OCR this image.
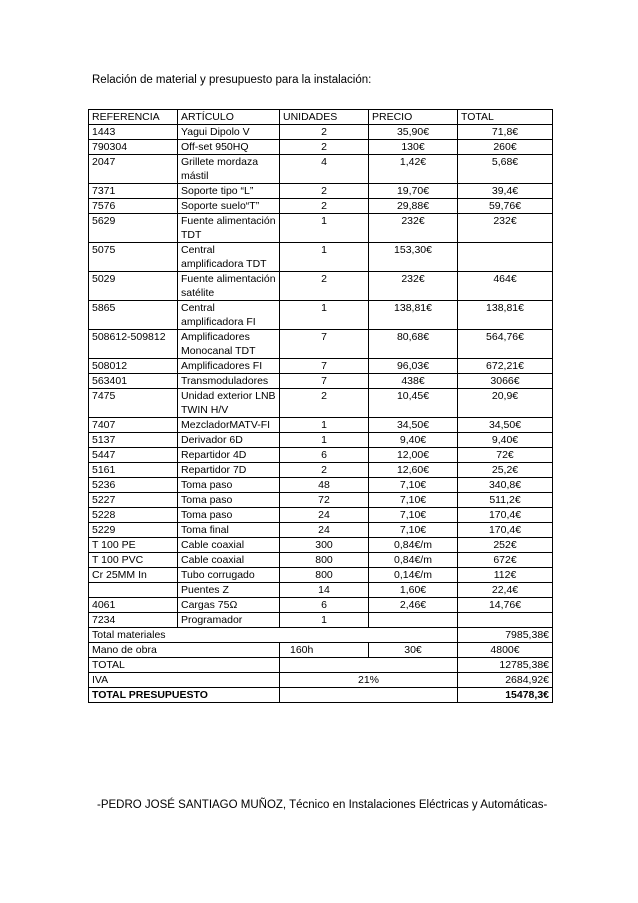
Relación de material y presupuesto para la instalación:
REFERENCIA	ARTÍCULO	UNIDADES	PRECIO	TOTAL
1443	Yagui Dipolo V	2	35,90€	71,8€
790304	Off-set 950HQ	2	130€	260€
2047	Grillete mordaza mástil	4	1,42€	5,68€
7371	Soporte tipo “L”	2	19,70€	39,4€
7576	Soporte suelo“T”	2	29,88€	59,76€
5629	Fuente alimentación TDT	1	232€	232€
5075	Central amplificadora TDT	1	153,30€	
5029	Fuente alimentación satélite	2	232€	464€
5865	Central amplificadora FI	1	138,81€	138,81€
508612-509812	Amplificadores Monocanal TDT	7	80,68€	564,76€
508012	Amplificadores FI	7	96,03€	672,21€
563401	Transmoduladores	7	438€	3066€
7475	Unidad exterior LNB TWIN H/V	2	10,45€	20,9€
7407	MezcladorMATV-FI	1	34,50€	34,50€
5137	Derivador 6D	1	9,40€	9,40€
5447	Repartidor 4D	6	12,00€	72€
5161	Repartidor 7D	2	12,60€	25,2€
5236	Toma paso	48	7,10€	340,8€
5227	Toma paso	72	7,10€	511,2€
5228	Toma paso	24	7,10€	170,4€
5229	Toma final	24	7,10€	170,4€
T 100 PE	Cable coaxial	300	0,84€/m	252€
T 100 PVC	Cable coaxial	800	0,84€/m	672€
Cr 25MM In	Tubo corrugado	800	0,14€/m	112€
	Puentes Z	14	1,60€	22,4€
4061	Cargas 75Ω	6	2,46€	14,76€
7234	Programador	1		
Total materiales				7985,38€
Mano de obra		160h	30€	4800€
TOTAL				12785,38€
IVA		21%		2684,92€
TOTAL PRESUPUESTO				15478,3€
-PEDRO JOSÉ SANTIAGO MUÑOZ, Técnico en Instalaciones Eléctricas y Automáticas-
